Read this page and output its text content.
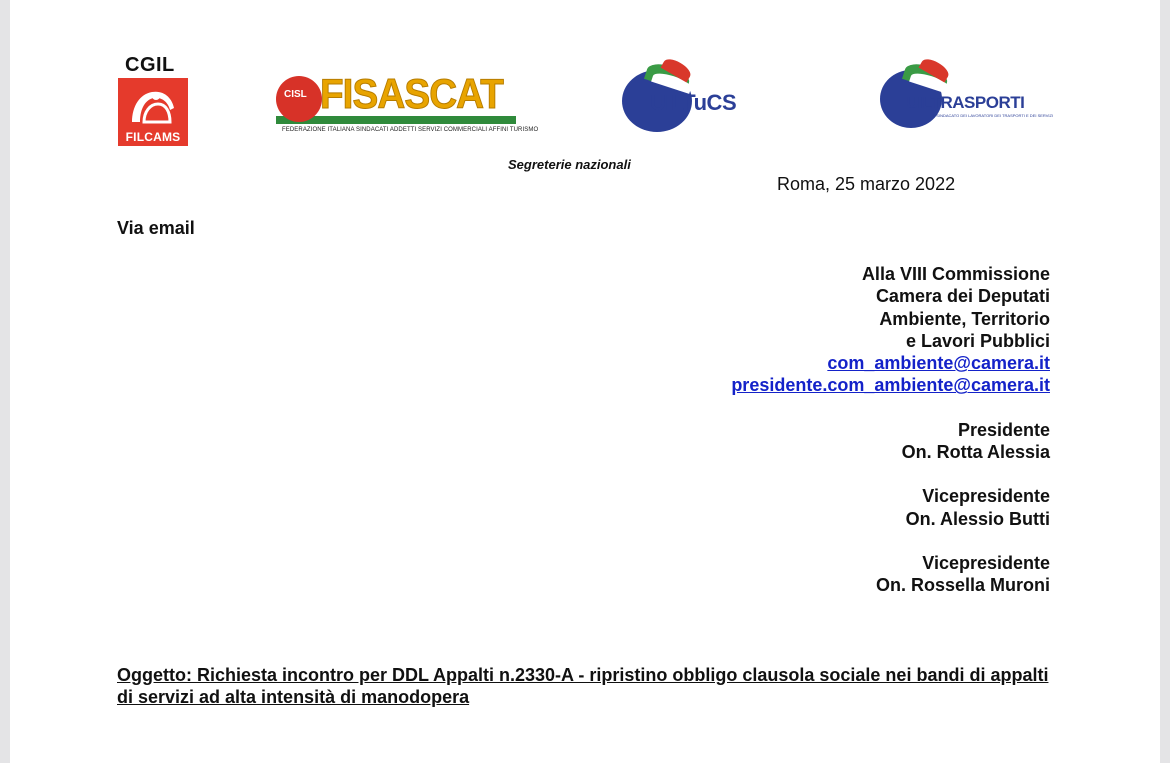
CGIL
FILCAMS
CISL FISASCAT
FEDERAZIONE ITALIANA SINDACATI ADDETTI SERVIZI COMMERCIALI AFFINI TURISMO
UILTuCS	UILTRASPORTI
IL SINDACATO DEI LAVORATORI DEI TRASPORTI E DEI SERVIZI
Segreterie nazionali
Roma, 25 marzo 2022
Via email
Alla VIII Commissione
Camera dei Deputati
Ambiente, Territorio
e Lavori Pubblici
com_ambiente@camera.it
presidente.com_ambiente@camera.it
Presidente
On. Rotta Alessia
Vicepresidente
On. Alessio Butti
Vicepresidente
On. Rossella Muroni
Oggetto: Richiesta incontro per DDL Appalti n.2330-A - ripristino obbligo clausola sociale nei bandi di appalti di servizi ad alta intensità di manodopera
